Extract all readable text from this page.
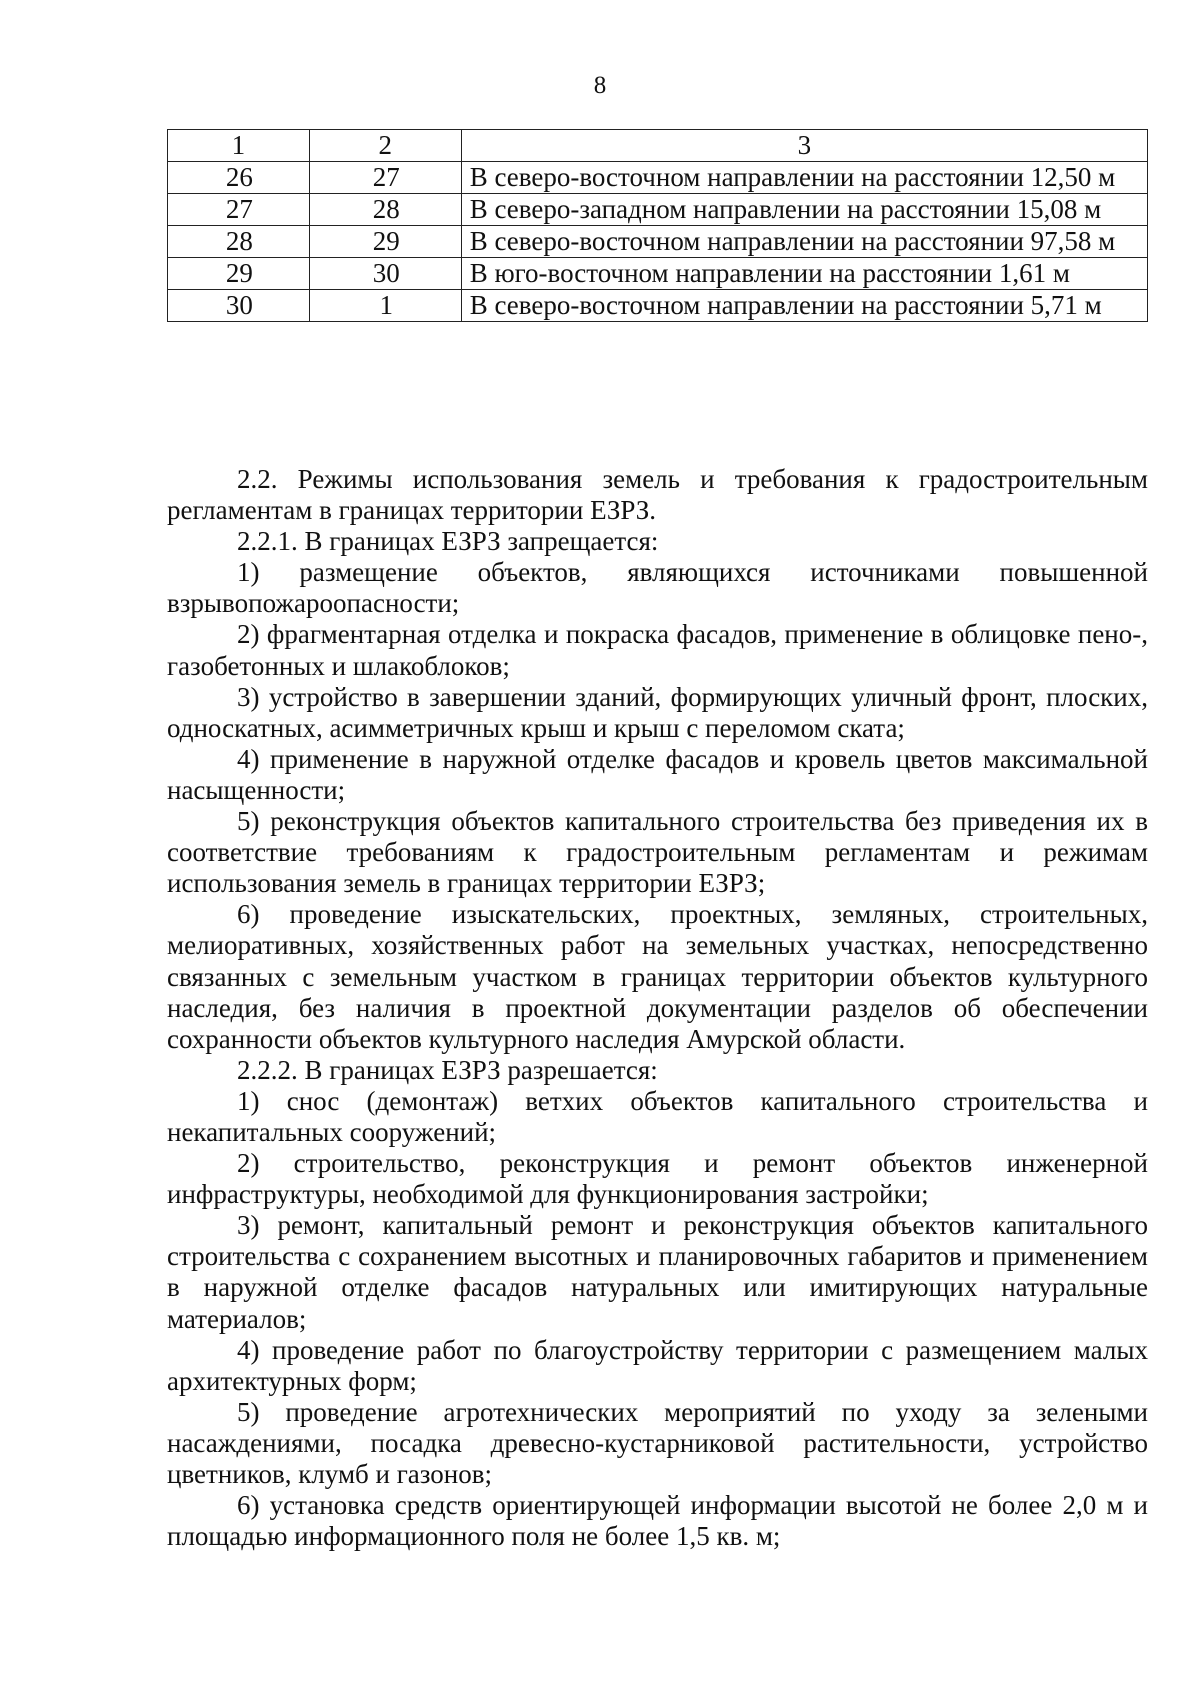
8
1	2	3
26	27	В северо-восточном направлении на расстоянии 12,50 м
27	28	В северо-западном направлении на расстоянии 15,08 м
28	29	В северо-восточном направлении на расстоянии 97,58 м
29	30	В юго-восточном направлении на расстоянии 1,61 м
30	1	В северо-восточном направлении на расстоянии 5,71 м

2.2. Режимы использования земель и требования к градостроительным регламентам в границах территории ЕЗРЗ.

2.2.1. В границах ЕЗРЗ запрещается:

1) размещение объектов, являющихся источниками повышенной взрывопожароопасности;

2) фрагментарная отделка и покраска фасадов, применение в облицовке пено-, газобетонных и шлакоблоков;

3) устройство в завершении зданий, формирующих уличный фронт, плоских, односкатных, асимметричных крыш и крыш с переломом ската;

4) применение в наружной отделке фасадов и кровель цветов максимальной насыщенности;

5) реконструкция объектов капитального строительства без приведения их в соответствие требованиям к градостроительным регламентам и режимам использования земель в границах территории ЕЗРЗ;

6) проведение изыскательских, проектных, земляных, строительных, мелиоративных, хозяйственных работ на земельных участках, непосредственно связанных с земельным участком в границах территории объектов культурного наследия, без наличия в проектной документации разделов об обеспечении сохранности объектов культурного наследия Амурской области.

2.2.2. В границах ЕЗРЗ разрешается:

1) снос (демонтаж) ветхих объектов капитального строительства и некапитальных сооружений;

2) строительство, реконструкция и ремонт объектов инженерной инфраструктуры, необходимой для функционирования застройки;

3) ремонт, капитальный ремонт и реконструкция объектов капитального строительства с сохранением высотных и планировочных габаритов и применением в наружной отделке фасадов натуральных или имитирующих натуральные материалов;

4) проведение работ по благоустройству территории с размещением малых архитектурных форм;

5) проведение агротехнических мероприятий по уходу за зелеными насаждениями, посадка древесно-кустарниковой растительности, устройство цветников, клумб и газонов;

6) установка средств ориентирующей информации высотой не более 2,0 м и площадью информационного поля не более 1,5 кв. м;
